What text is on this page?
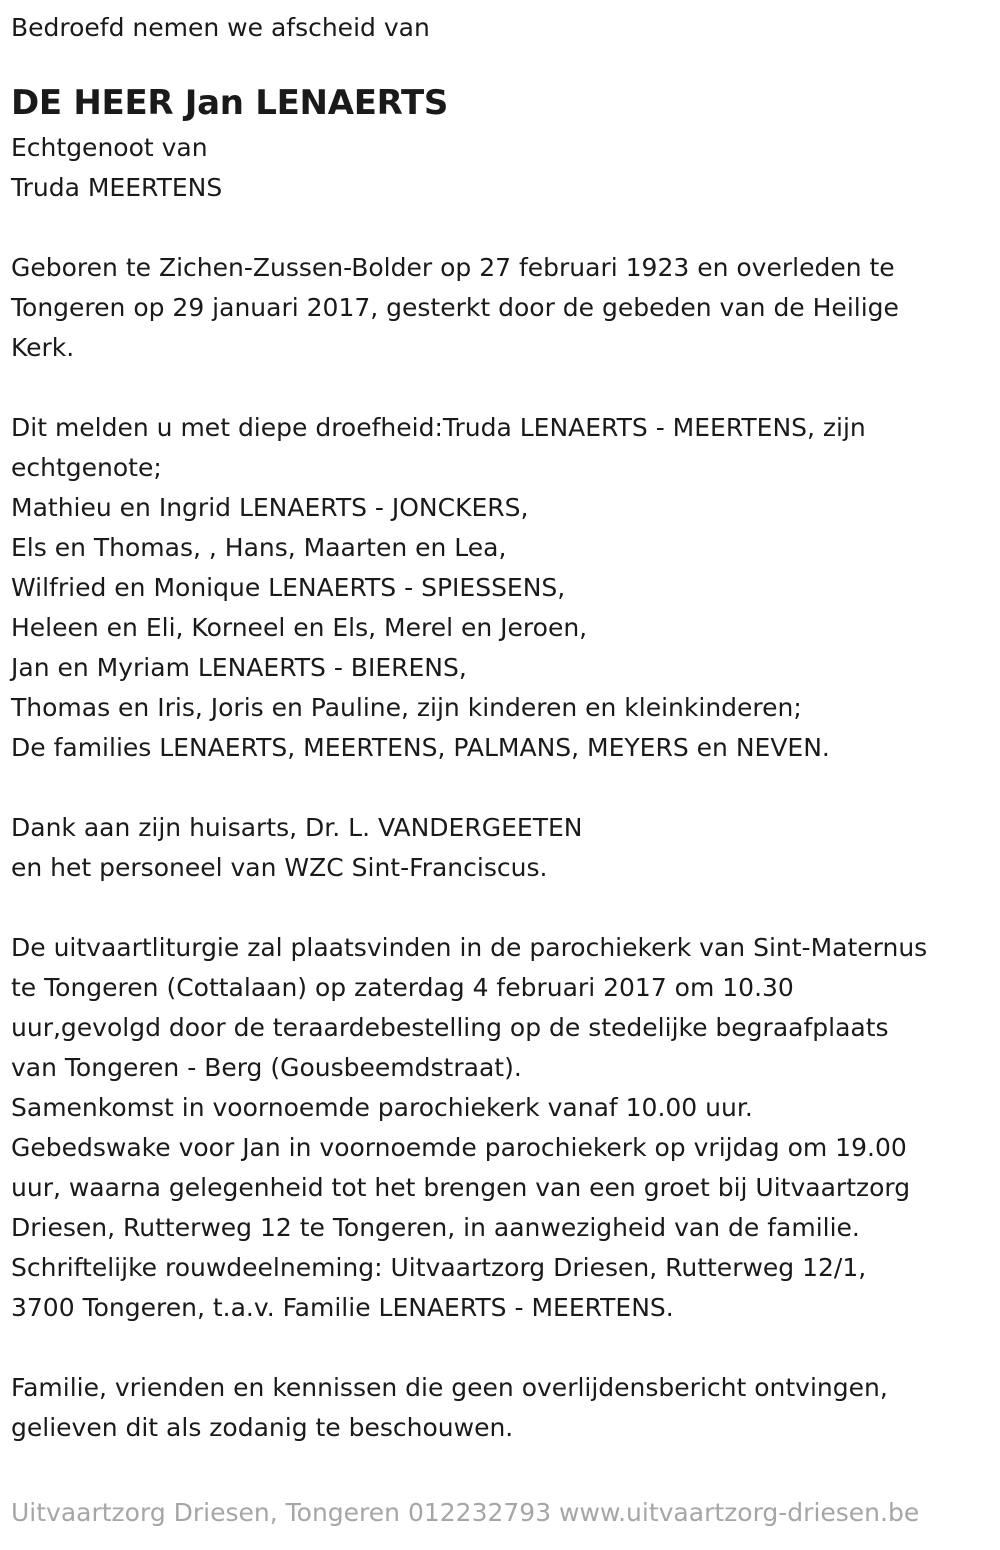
Bedroefd nemen we afscheid van
DE HEER Jan LENAERTS
Echtgenoot van
Truda MEERTENS
Geboren te Zichen-Zussen-Bolder op 27 februari 1923 en overleden te
Tongeren op 29 januari 2017, gesterkt door de gebeden van de Heilige
Kerk.
Dit melden u met diepe droefheid:Truda LENAERTS - MEERTENS, zijn
echtgenote;
Mathieu en Ingrid LENAERTS - JONCKERS,
Els en Thomas, , Hans, Maarten en Lea,
Wilfried en Monique LENAERTS - SPIESSENS,
Heleen en Eli, Korneel en Els, Merel en Jeroen,
Jan en Myriam LENAERTS - BIERENS,
Thomas en Iris, Joris en Pauline, zijn kinderen en kleinkinderen;
De families LENAERTS, MEERTENS, PALMANS, MEYERS en NEVEN.
Dank aan zijn huisarts, Dr. L. VANDERGEETEN
en het personeel van WZC Sint-Franciscus.
De uitvaartliturgie zal plaatsvinden in de parochiekerk van Sint-Maternus
te Tongeren (Cottalaan) op zaterdag 4 februari 2017 om 10.30
uur,gevolgd door de teraardebestelling op de stedelijke begraafplaats
van Tongeren - Berg (Gousbeemdstraat).
Samenkomst in voornoemde parochiekerk vanaf 10.00 uur.
Gebedswake voor Jan in voornoemde parochiekerk op vrijdag om 19.00
uur, waarna gelegenheid tot het brengen van een groet bij Uitvaartzorg
Driesen, Rutterweg 12 te Tongeren, in aanwezigheid van de familie.
Schriftelijke rouwdeelneming: Uitvaartzorg Driesen, Rutterweg 12/1,
3700 Tongeren, t.a.v. Familie LENAERTS - MEERTENS.
Familie, vrienden en kennissen die geen overlijdensbericht ontvingen,
gelieven dit als zodanig te beschouwen.
Uitvaartzorg Driesen, Tongeren 012232793 www.uitvaartzorg-driesen.be
